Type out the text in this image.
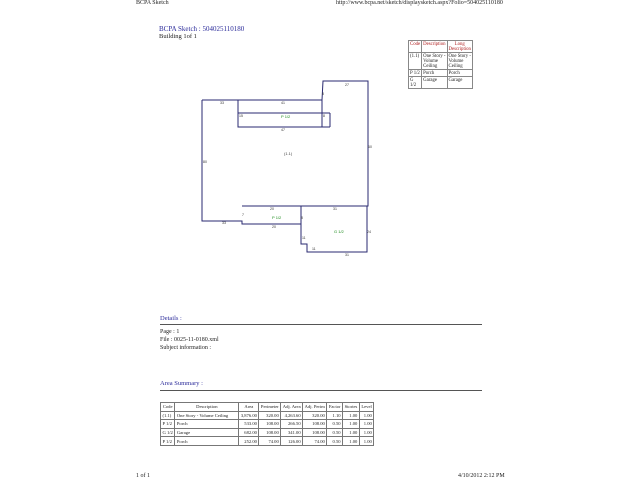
BCPA Sketch	http://www.bcpa.net/sketch/displaysketch.aspx?Folio=504025110180
1 of 1	4/10/2012 2:12 PM
BCPA Sketch : 504025110180
Building 1of 1
Code	Description	Long Description
(1.1)	One Story - Volume Ceiling	One Story - Volume Ceiling
P 1/2	Porch	Porch
G 1/2	Garage	Garage
33	41
27
80
60
15
47
8
8
33
20
7
8
20
31
24
11
11
31
(1.1)
P 1/2
P 1/2
G 1/2
Details :
Page : 1
File : 0025-11-0180.xml
Subject information :
Area Summary :
Code	Description	Area	Perimeter	Adj. Area	Adj. Perim	Factor	Stories	Level
(1.1)	One Story - Volume Ceiling	3,876.00	320.00	4,263.60	320.00	1.10	1.00	1.00
P 1/2	Porch	533.00	108.00	266.50	108.00	0.50	1.00	1.00
G 1/2	Garage	682.00	108.00	341.00	108.00	0.50	1.00	1.00
P 1/2	Porch	252.00	74.00	126.00	74.00	0.50	1.00	1.00
